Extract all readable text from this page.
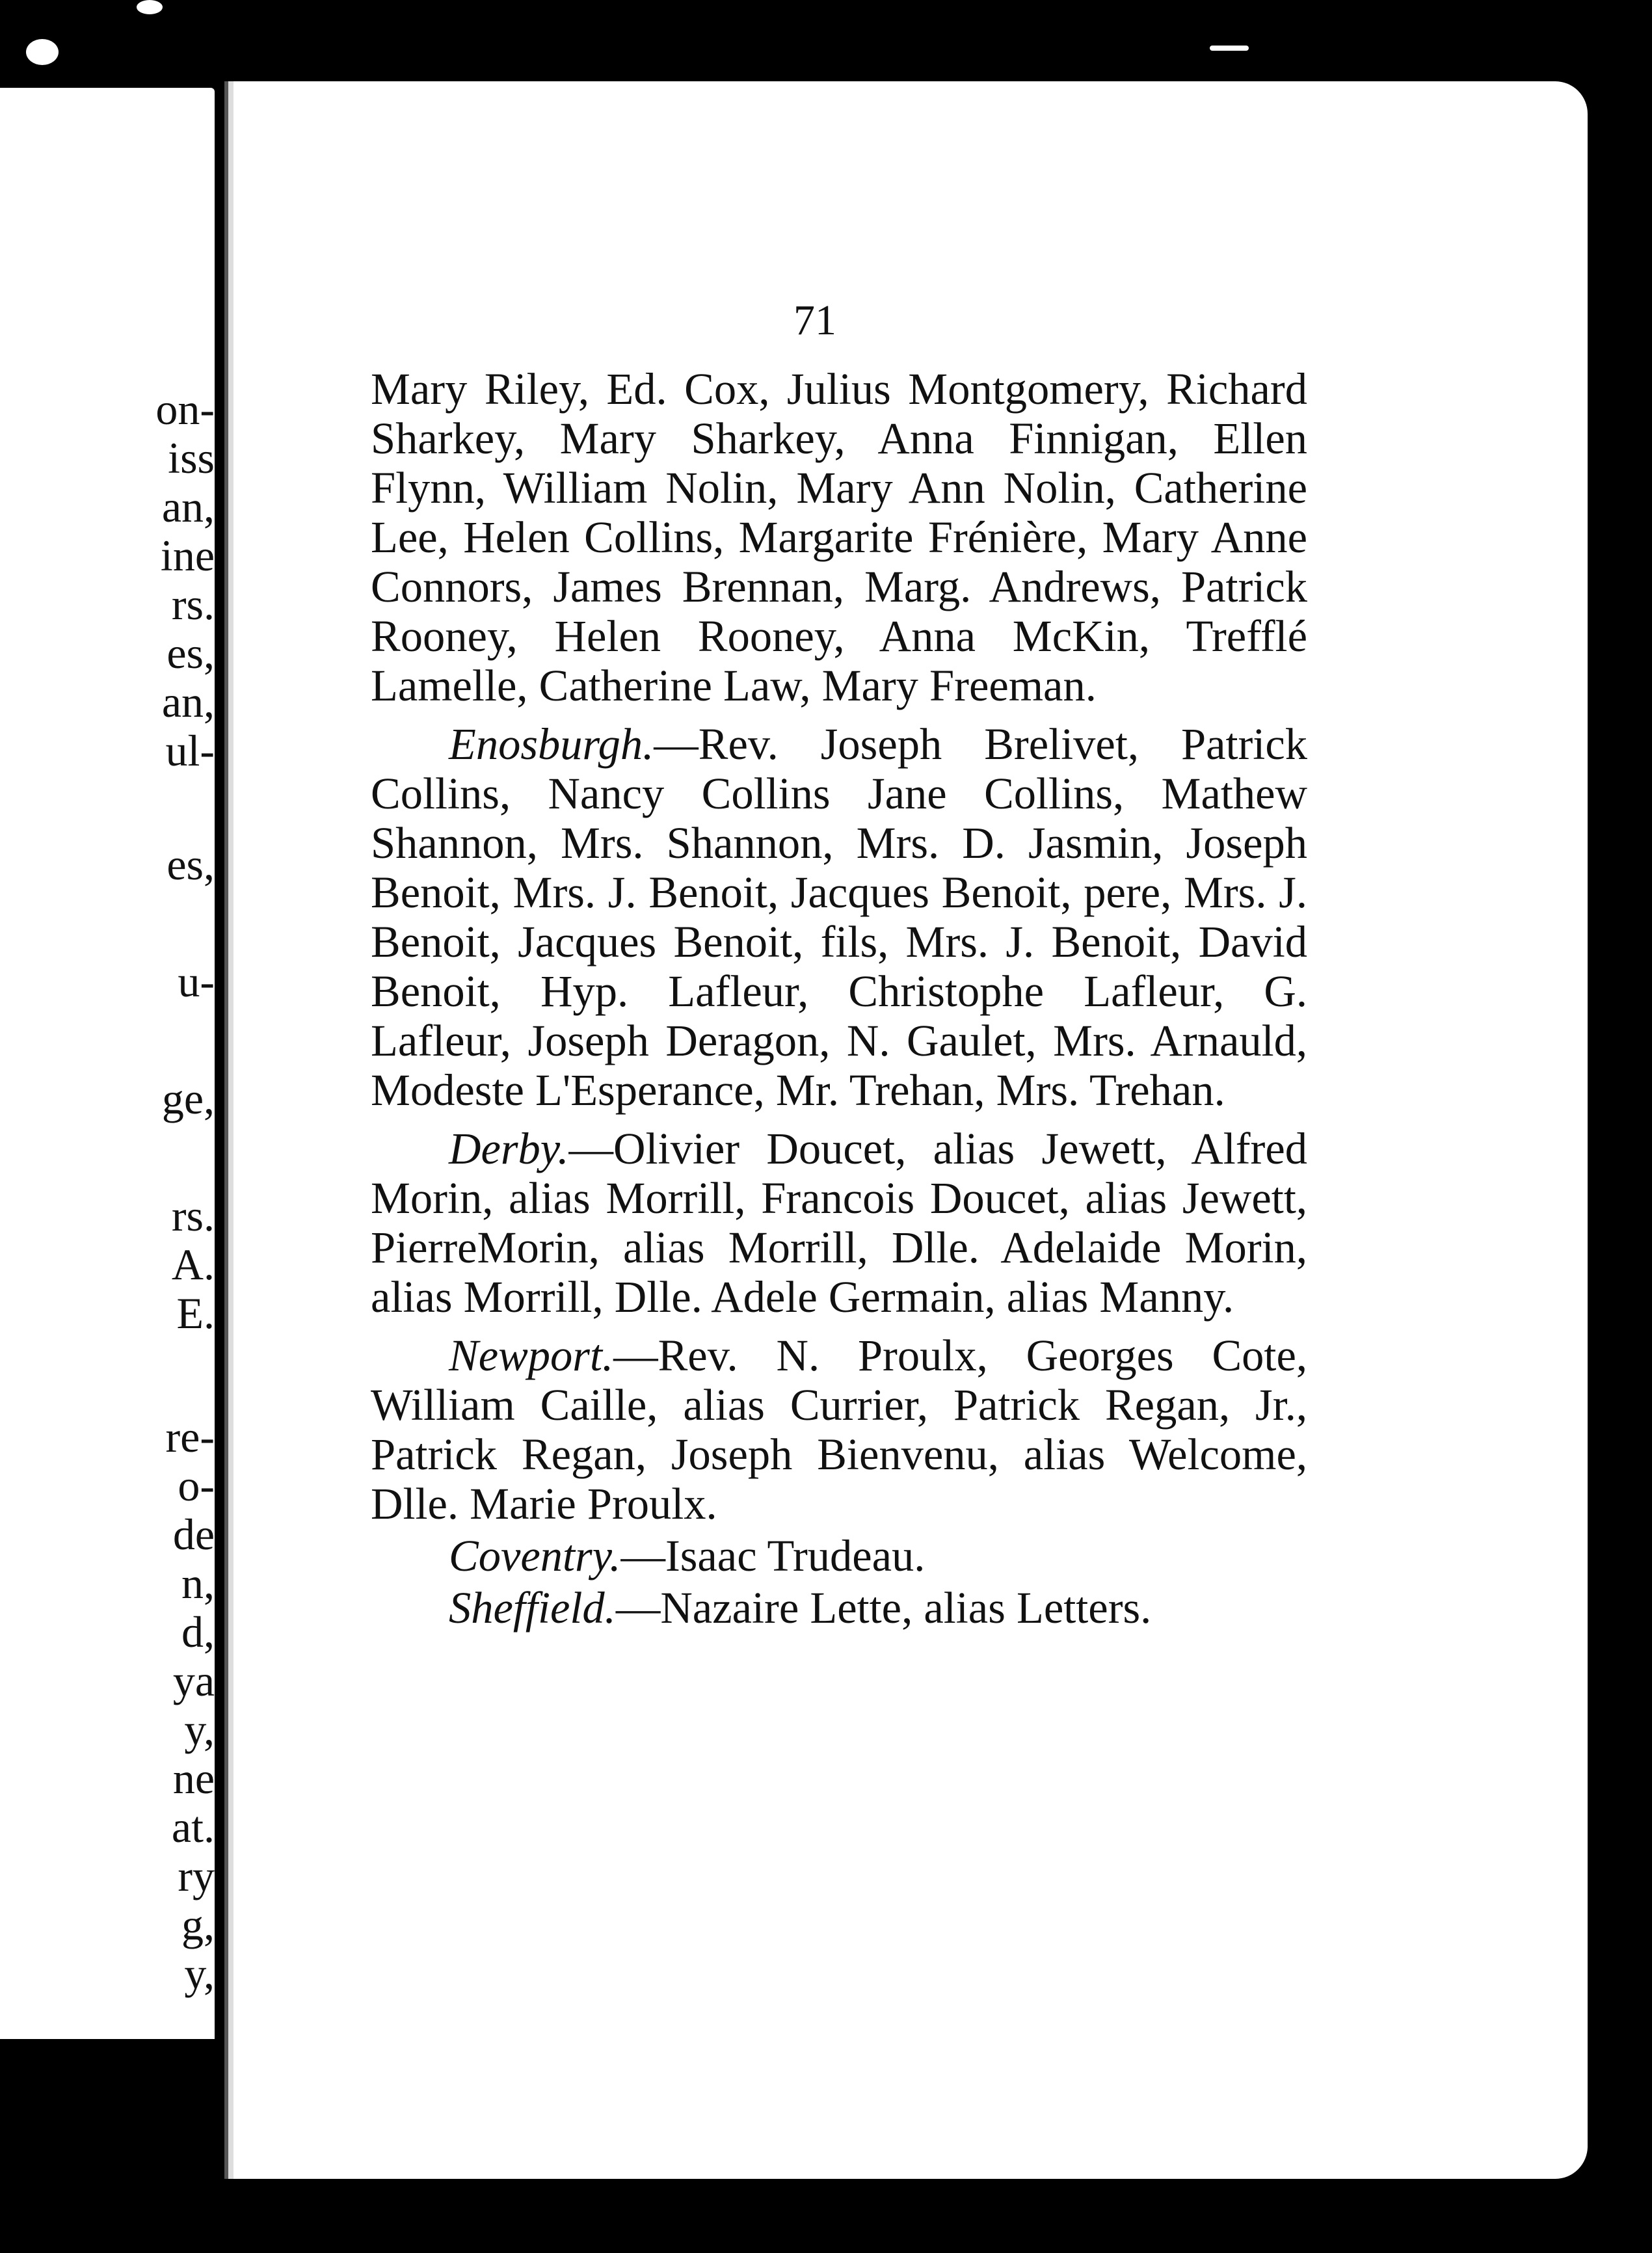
on-
iss
an,
ine
rs.
es,
an,
ul-
es,
u-
ge,
rs.
A.
E.
re-
o-
de
n,
d,
ya
y,
ne
at.
ry
g,
y,
71

Mary Riley, Ed. Cox, Julius Montgomery, Richard Sharkey, Mary Sharkey, Anna Finnigan, Ellen Flynn, William Nolin, Mary Ann Nolin, Catherine Lee, Helen Collins, Margarite Frénière, Mary Anne Connors, James Brennan, Marg. Andrews, Patrick Rooney, Helen Rooney, Anna McKin, Trefflé Lamelle, Catherine Law, Mary Freeman.

Enosburgh.—Rev. Joseph Brelivet, Patrick Collins, Nancy Collins Jane Collins, Mathew Shannon, Mrs. Shannon, Mrs. D. Jasmin, Joseph Benoit, Mrs. J. Benoit, Jacques Benoit, pere, Mrs. J. Benoit, Jacques Benoit, fils, Mrs. J. Benoit, David Benoit, Hyp. Lafleur, Christophe Lafleur, G. Lafleur, Joseph Deragon, N. Gaulet, Mrs. Arnauld, Modeste L'Esperance, Mr. Trehan, Mrs. Trehan.

Derby.—Olivier Doucet, alias Jewett, Alfred Morin, alias Morrill, Francois Doucet, alias Jewett, PierreMorin, alias Morrill, Dlle. Adelaide Morin, alias Morrill, Dlle. Adele Germain, alias Manny.

Newport.—Rev. N. Proulx, Georges Cote, William Caille, alias Currier, Patrick Regan, Jr., Patrick Regan, Joseph Bienvenu, alias Welcome, Dlle. Marie Proulx.

Coventry.—Isaac Trudeau.

Sheffield.—Nazaire Lette, alias Letters.
